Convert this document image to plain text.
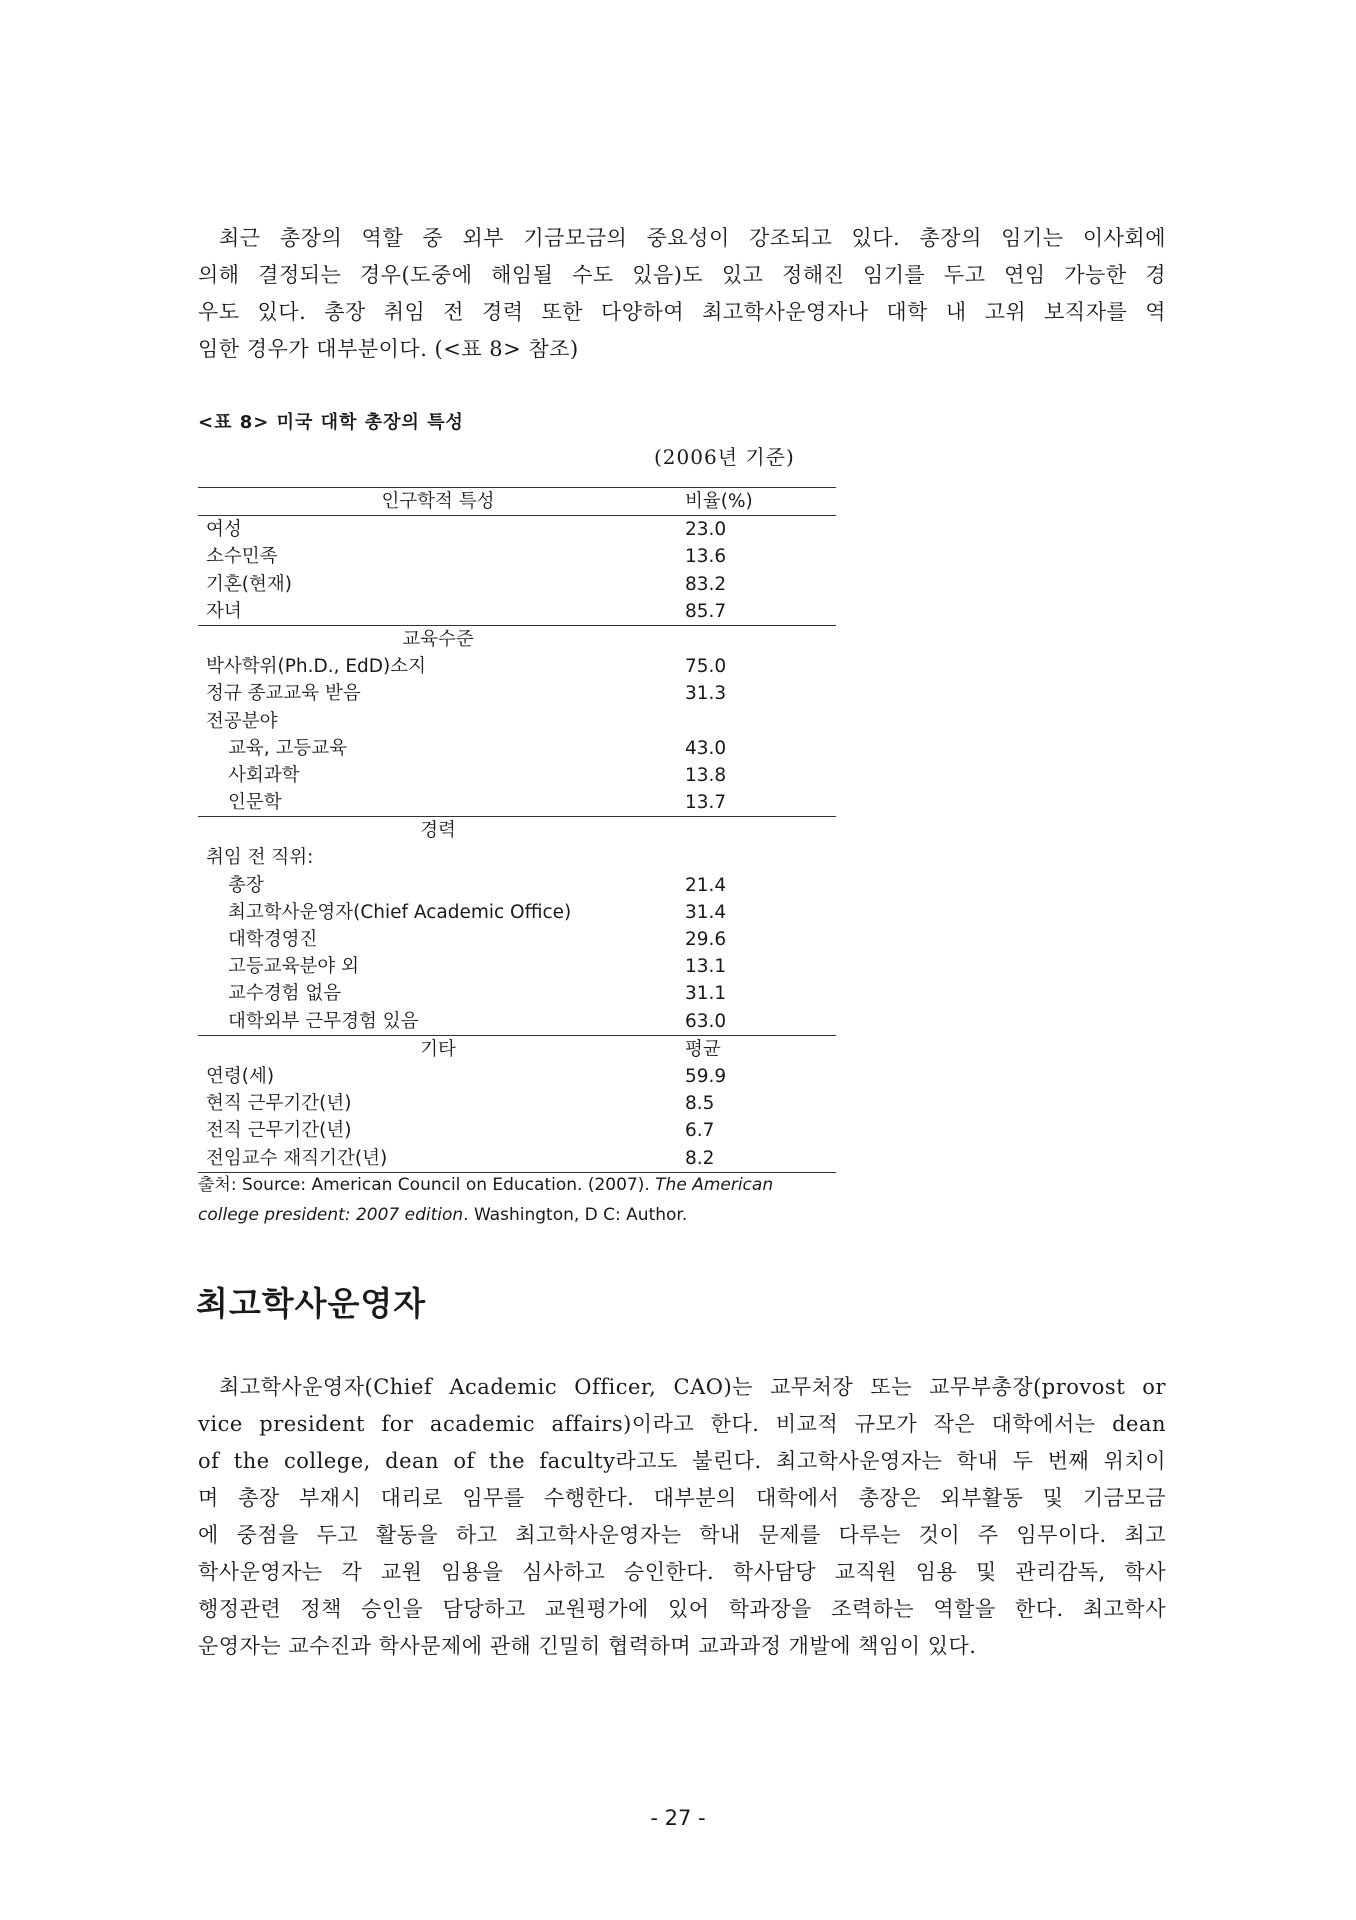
최근 총장의 역할 중 외부 기금모금의 중요성이 강조되고 있다. 총장의 임기는 이사회에
의해 결정되는 경우(도중에 해임될 수도 있음)도 있고 정해진 임기를 두고 연임 가능한 경
우도 있다. 총장 취임 전 경력 또한 다양하여 최고학사운영자나 대학 내 고위 보직자를 역
임한 경우가 대부분이다. (<표 8> 참조)

<표 8> 미국 대학 총장의 특성

(2006년 기준)

인구학적 특성	비율(%)
여성	23.0
소수민족	13.6
기혼(현재)	83.2
자녀	85.7
교육수준
박사학위(Ph.D., EdD)소지	75.0
정규 종교교육 받음	31.3
전공분야
교육, 고등교육	43.0
사회과학	13.8
인문학	13.7
경력
취임 전 직위:
총장	21.4
최고학사운영자(Chief Academic Office)	31.4
대학경영진	29.6
고등교육분야 외	13.1
교수경험 없음	31.1
대학외부 근무경험 있음	63.0
기타	평균
연령(세)	59.9
현직 근무기간(년)	8.5
전직 근무기간(년)	6.7
전임교수 재직기간(년)	8.2

출처: Source: American Council on Education. (2007). The American
college president: 2007 edition. Washington, D C: Author.

최고학사운영자
최고학사운영자(Chief Academic Officer, CAO)는 교무처장 또는 교무부총장(provost or
vice president for academic affairs)이라고 한다. 비교적 규모가 작은 대학에서는 dean
of the college, dean of the faculty라고도 불린다. 최고학사운영자는 학내 두 번째 위치이
며 총장 부재시 대리로 임무를 수행한다. 대부분의 대학에서 총장은 외부활동 및 기금모금
에 중점을 두고 활동을 하고 최고학사운영자는 학내 문제를 다루는 것이 주 임무이다. 최고
학사운영자는 각 교원 임용을 심사하고 승인한다. 학사담당 교직원 임용 및 관리감독, 학사
행정관련 정책 승인을 담당하고 교원평가에 있어 학과장을 조력하는 역할을 한다. 최고학사
운영자는 교수진과 학사문제에 관해 긴밀히 협력하며 교과과정 개발에 책임이 있다.

- 27 -
